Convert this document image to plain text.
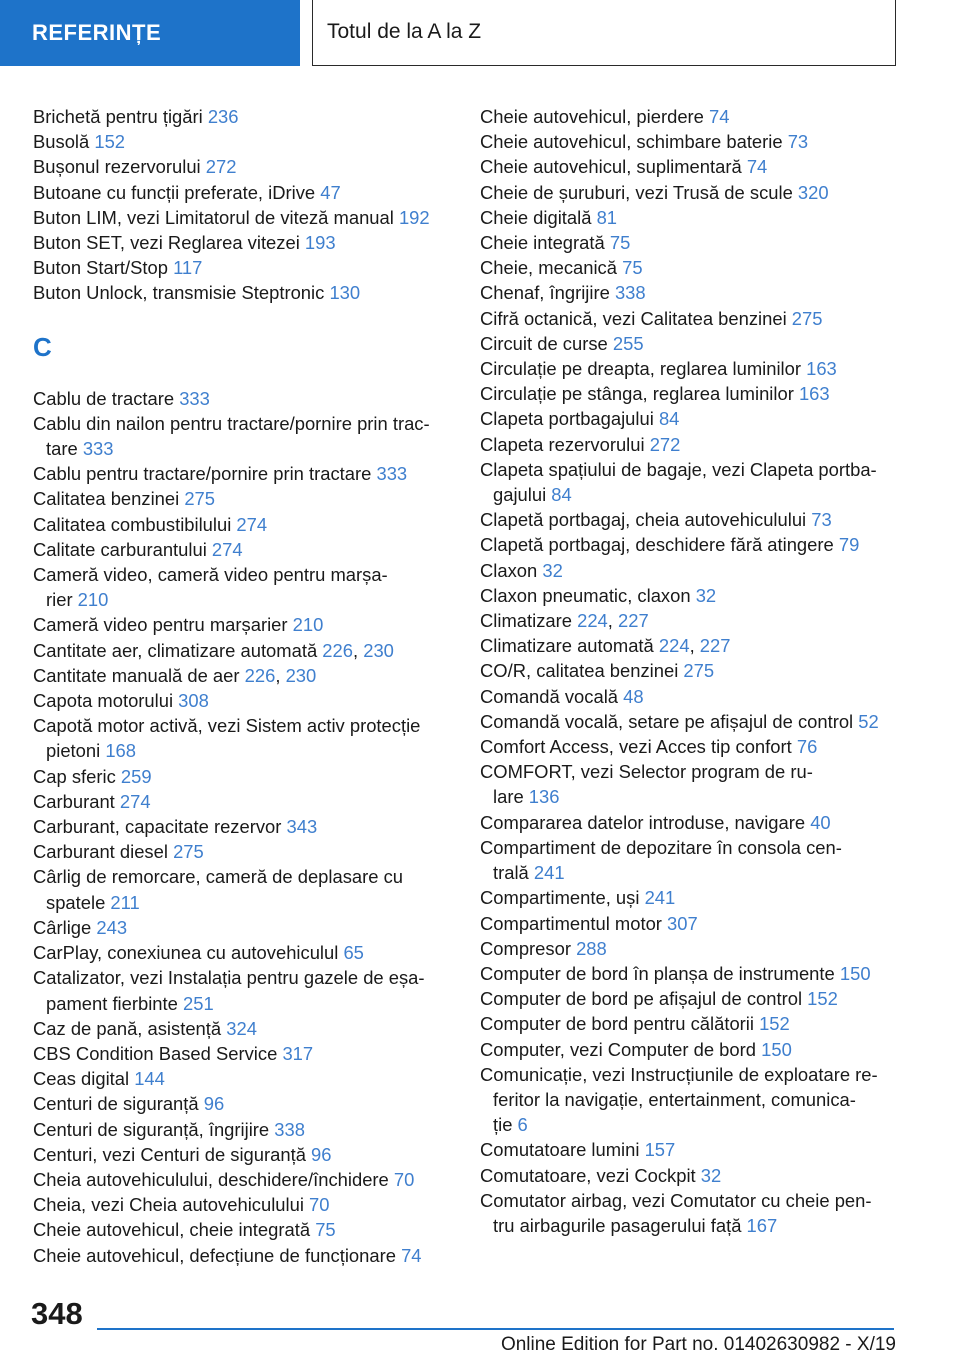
REFERINȚE	Totul de la A la Z
Brichetă pentru țigări 236
Busolă 152
Bușonul rezervorului 272
Butoane cu funcții preferate, iDrive 47
Buton LIM, vezi Limitatorul de viteză manual 192
Buton SET, vezi Reglarea vitezei 193
Buton Start/Stop 117
Buton Unlock, transmisie Steptronic 130
C
Cablu de tractare 333
Cablu din nailon pentru tractare/pornire prin trac-
tare 333
Cablu pentru tractare/pornire prin tractare 333
Calitatea benzinei 275
Calitatea combustibilului 274
Calitate carburantului 274
Cameră video, cameră video pentru marșa-
rier 210
Cameră video pentru marșarier 210
Cantitate aer, climatizare automată 226, 230
Cantitate manuală de aer 226, 230
Capota motorului 308
Capotă motor activă, vezi Sistem activ protecție
pietoni 168
Cap sferic 259
Carburant 274
Carburant, capacitate rezervor 343
Carburant diesel 275
Cârlig de remorcare, cameră de deplasare cu
spatele 211
Cârlige 243
CarPlay, conexiunea cu autovehiculul 65
Catalizator, vezi Instalația pentru gazele de eșa-
pament fierbinte 251
Caz de pană, asistență 324
CBS Condition Based Service 317
Ceas digital 144
Centuri de siguranță 96
Centuri de siguranță, îngrijire 338
Centuri, vezi Centuri de siguranță 96
Cheia autovehiculului, deschidere/închidere 70
Cheia, vezi Cheia autovehiculului 70
Cheie autovehicul, cheie integrată 75
Cheie autovehicul, defecțiune de funcționare 74
Cheie autovehicul, pierdere 74
Cheie autovehicul, schimbare baterie 73
Cheie autovehicul, suplimentară 74
Cheie de șuruburi, vezi Trusă de scule 320
Cheie digitală 81
Cheie integrată 75
Cheie, mecanică 75
Chenaf, îngrijire 338
Cifră octanică, vezi Calitatea benzinei 275
Circuit de curse 255
Circulație pe dreapta, reglarea luminilor 163
Circulație pe stânga, reglarea luminilor 163
Clapeta portbagajului 84
Clapeta rezervorului 272
Clapeta spațiului de bagaje, vezi Clapeta portba-
gajului 84
Clapetă portbagaj, cheia autovehiculului 73
Clapetă portbagaj, deschidere fără atingere 79
Claxon 32
Claxon pneumatic, claxon 32
Climatizare 224, 227
Climatizare automată 224, 227
CO/R, calitatea benzinei 275
Comandă vocală 48
Comandă vocală, setare pe afișajul de control 52
Comfort Access, vezi Acces tip confort 76
COMFORT, vezi Selector program de ru-
lare 136
Compararea datelor introduse, navigare 40
Compartiment de depozitare în consola cen-
trală 241
Compartimente, uși 241
Compartimentul motor 307
Compresor 288
Computer de bord în planșa de instrumente 150
Computer de bord pe afișajul de control 152
Computer de bord pentru călătorii 152
Computer, vezi Computer de bord 150
Comunicație, vezi Instrucțiunile de exploatare re-
feritor la navigație, entertainment, comunica-
ție 6
Comutatoare lumini 157
Comutatoare, vezi Cockpit 32
Comutator airbag, vezi Comutator cu cheie pen-
tru airbagurile pasagerului față 167
348
Online Edition for Part no. 01402630982 - X/19
